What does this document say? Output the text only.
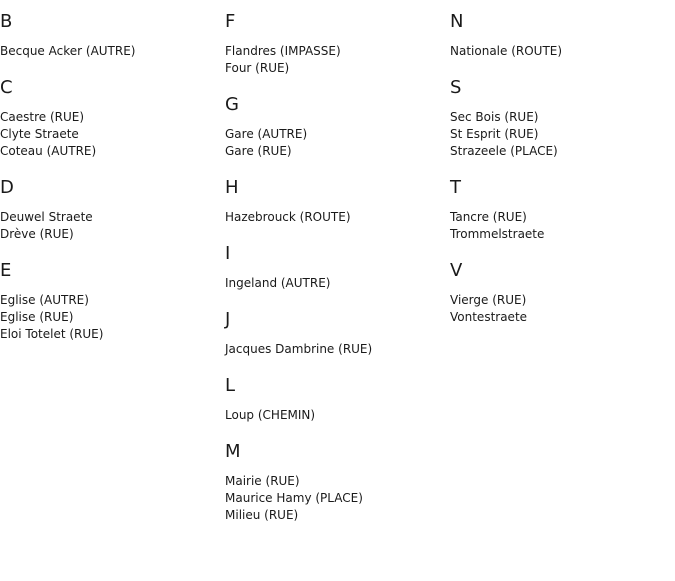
B
Becque Acker (AUTRE)
C
Caestre (RUE)
Clyte Straete
Coteau (AUTRE)
D
Deuwel Straete
Drève (RUE)
E
Eglise (AUTRE)
Eglise (RUE)
Eloi Totelet (RUE)
F
Flandres (IMPASSE)
Four (RUE)
G
Gare (AUTRE)
Gare (RUE)
H
Hazebrouck (ROUTE)
I
Ingeland (AUTRE)
J
Jacques Dambrine (RUE)
L
Loup (CHEMIN)
M
Mairie (RUE)
Maurice Hamy (PLACE)
Milieu (RUE)
N
Nationale (ROUTE)
S
Sec Bois (RUE)
St Esprit (RUE)
Strazeele (PLACE)
T
Tancre (RUE)
Trommelstraete
V
Vierge (RUE)
Vontestraete
